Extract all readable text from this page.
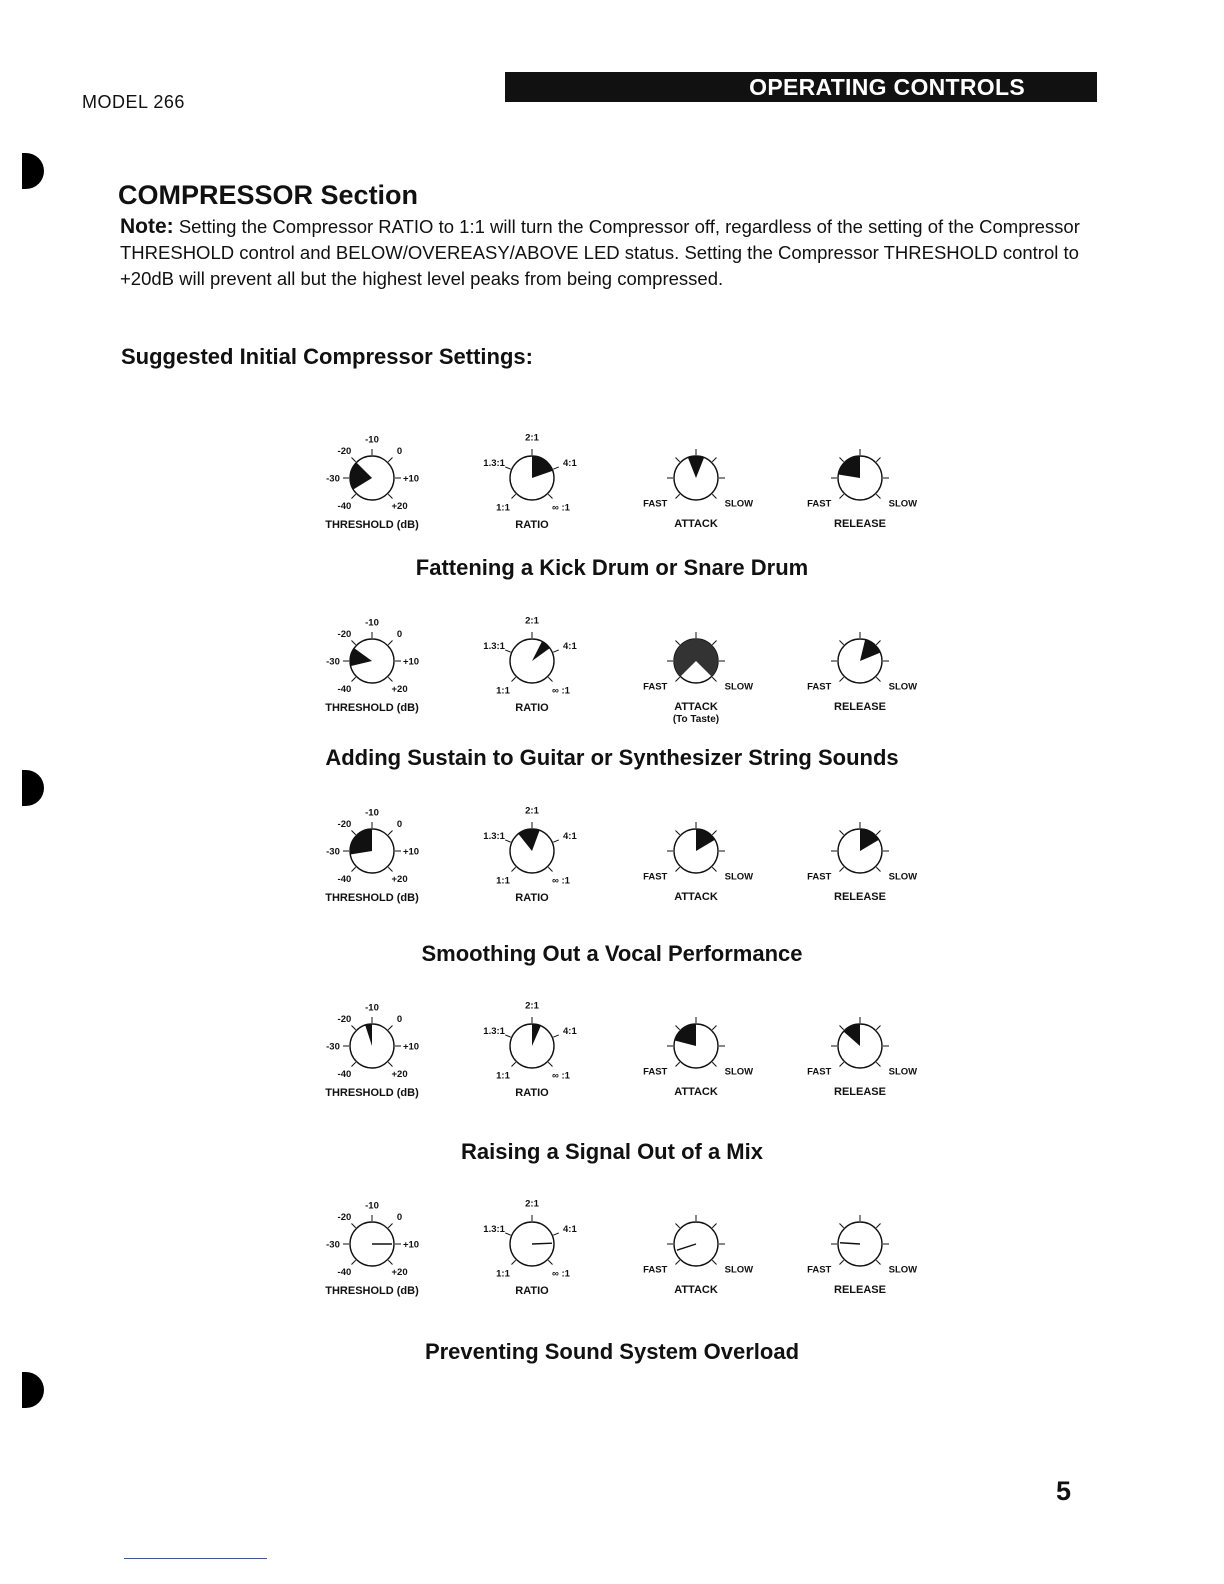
MODEL 266
OPERATING CONTROLS
COMPRESSOR Section
Note: Setting the Compressor RATIO to 1:1 will turn the Compressor off, regardless of the setting of the Compressor THRESHOLD control and BELOW/OVEREASY/ABOVE LED status. Setting the Compressor THRESHOLD control to +20dB will prevent all but the highest level peaks from being compressed.
Suggested Initial Compressor Settings:
-40
-30
-20
-10
0
+10
+20
THRESHOLD (dB)
1:1
1.3:1
2:1
4:1
∞ :1
RATIO
FAST	SLOW
ATTACK
FAST	SLOW
RELEASE
Fattening a Kick Drum or Snare Drum
-40
-30
-20
-10
0
+10
+20
THRESHOLD (dB)
1:1
1.3:1
2:1
4:1
∞ :1
RATIO
FAST	SLOW
ATTACK
(To Taste)
FAST	SLOW
RELEASE
Adding Sustain to Guitar or Synthesizer String Sounds
-40
-30
-20
-10
0
+10
+20
THRESHOLD (dB)
1:1
1.3:1
2:1
4:1
∞ :1
RATIO
FAST	SLOW
ATTACK
FAST	SLOW
RELEASE
Smoothing Out a Vocal Performance
-40
-30
-20
-10
0
+10
+20
THRESHOLD (dB)
1:1
1.3:1
2:1
4:1
∞ :1
RATIO
FAST	SLOW
ATTACK
FAST	SLOW
RELEASE
Raising a Signal Out of a Mix
-40
-30
-20
-10
0
+10
+20
THRESHOLD (dB)
1:1
1.3:1
2:1
4:1
∞ :1
RATIO
FAST	SLOW
ATTACK
FAST	SLOW
RELEASE
Preventing Sound System Overload
5
